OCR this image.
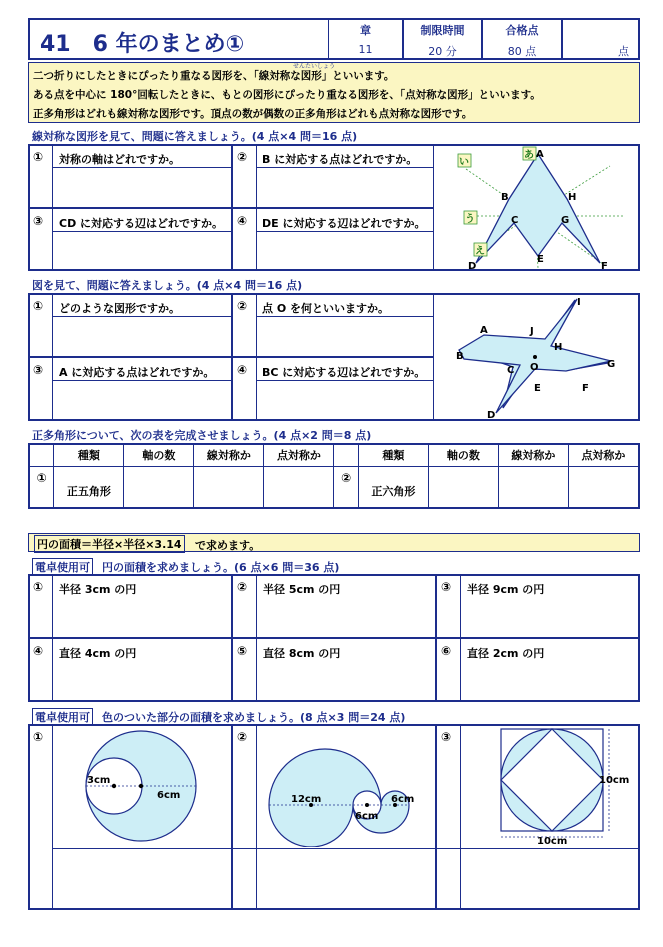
41　6 年のまとめ①
章
11
制限時間
20 分
合格点
80 点	点
せんたいしょう
二つ折りにしたときにぴったり重なる図形を、「線対称な図形」といいます。
ある点を中心に 180°回転したときに、もとの図形にぴったり重なる図形を、「点対称な図形」といいます。
正多角形はどれも線対称な図形です。頂点の数が偶数の正多角形はどれも点対称な図形です。
線対称な図形を見て、問題に答えましょう。(4 点×4 問＝16 点)
① 対称の軸はどれですか。	② B に対応する点はどれですか。
③ CD に対応する辺はどれですか。 ④ DE に対応する辺はどれですか。
A
B
C
D
E
F
G
H
い
あ
う
え
図を見て、問題に答えましょう。(4 点×4 問＝16 点)
① どのような図形ですか。	② 点 O を何といいますか。
③ A に対応する点はどれですか。 ④ BC に対応する辺はどれですか。
I
A	J
B
H
C O	G
E	F
D
正多角形について、次の表を完成させましょう。(4 点×2 問＝8 点)
	種類	軸の数	線対称か	点対称か		種類	軸の数	線対称か	点対称か
①	正五角形				②	正六角形			
円の面積＝半径×半径×3.14 で求めます。
電卓使用可 円の面積を求めましょう。(6 点×6 問＝36 点)
① 半径 3cm の円	② 半径 5cm の円	③ 半径 9cm の円
④ 直径 4cm の円	⑤ 直径 8cm の円	⑥ 直径 2cm の円
電卓使用可 色のついた部分の面積を求めましょう。(8 点×3 問＝24 点)
①	②	③
3cm
6cm	12cm
6cm
6cm
10cm
10cm
